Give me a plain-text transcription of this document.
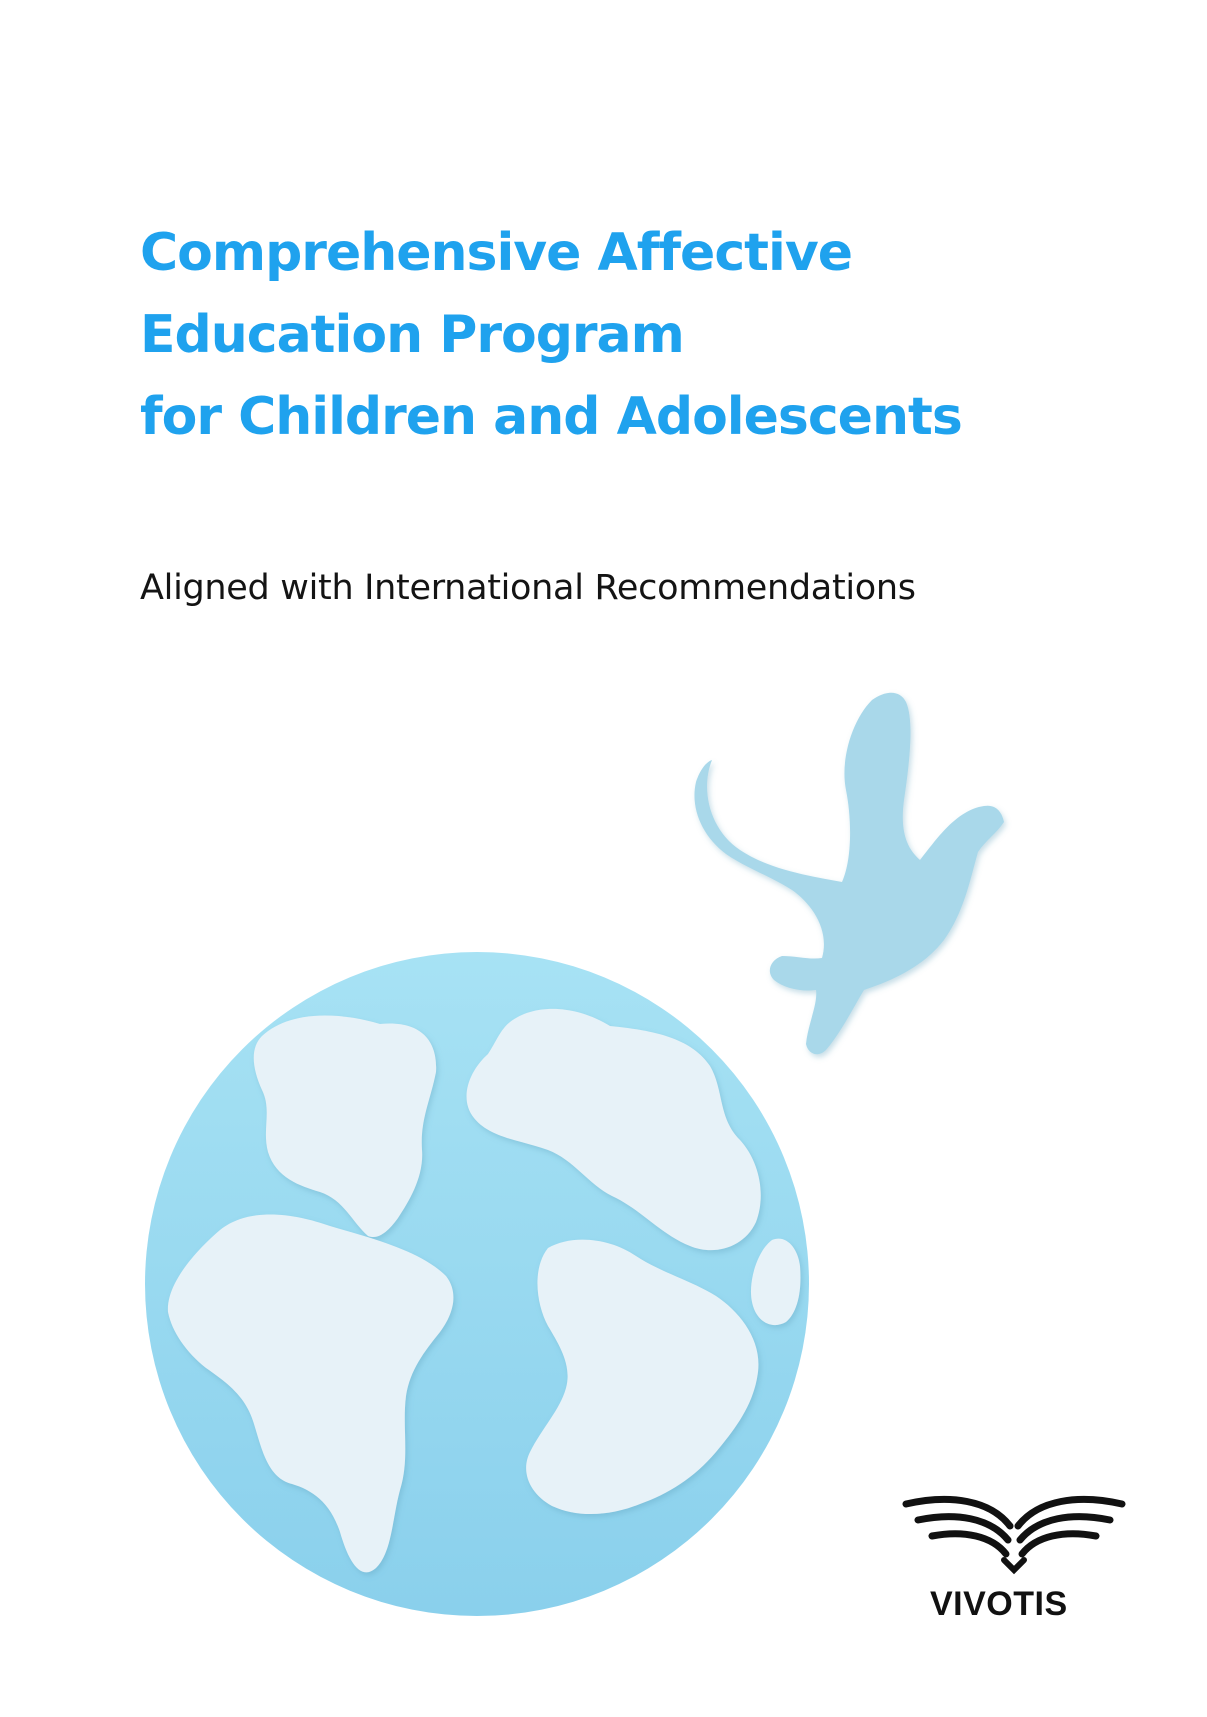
Comprehensive Affective
Education Program
for Children and Adolescents

Aligned with International Recommendations

VIVOTIS
